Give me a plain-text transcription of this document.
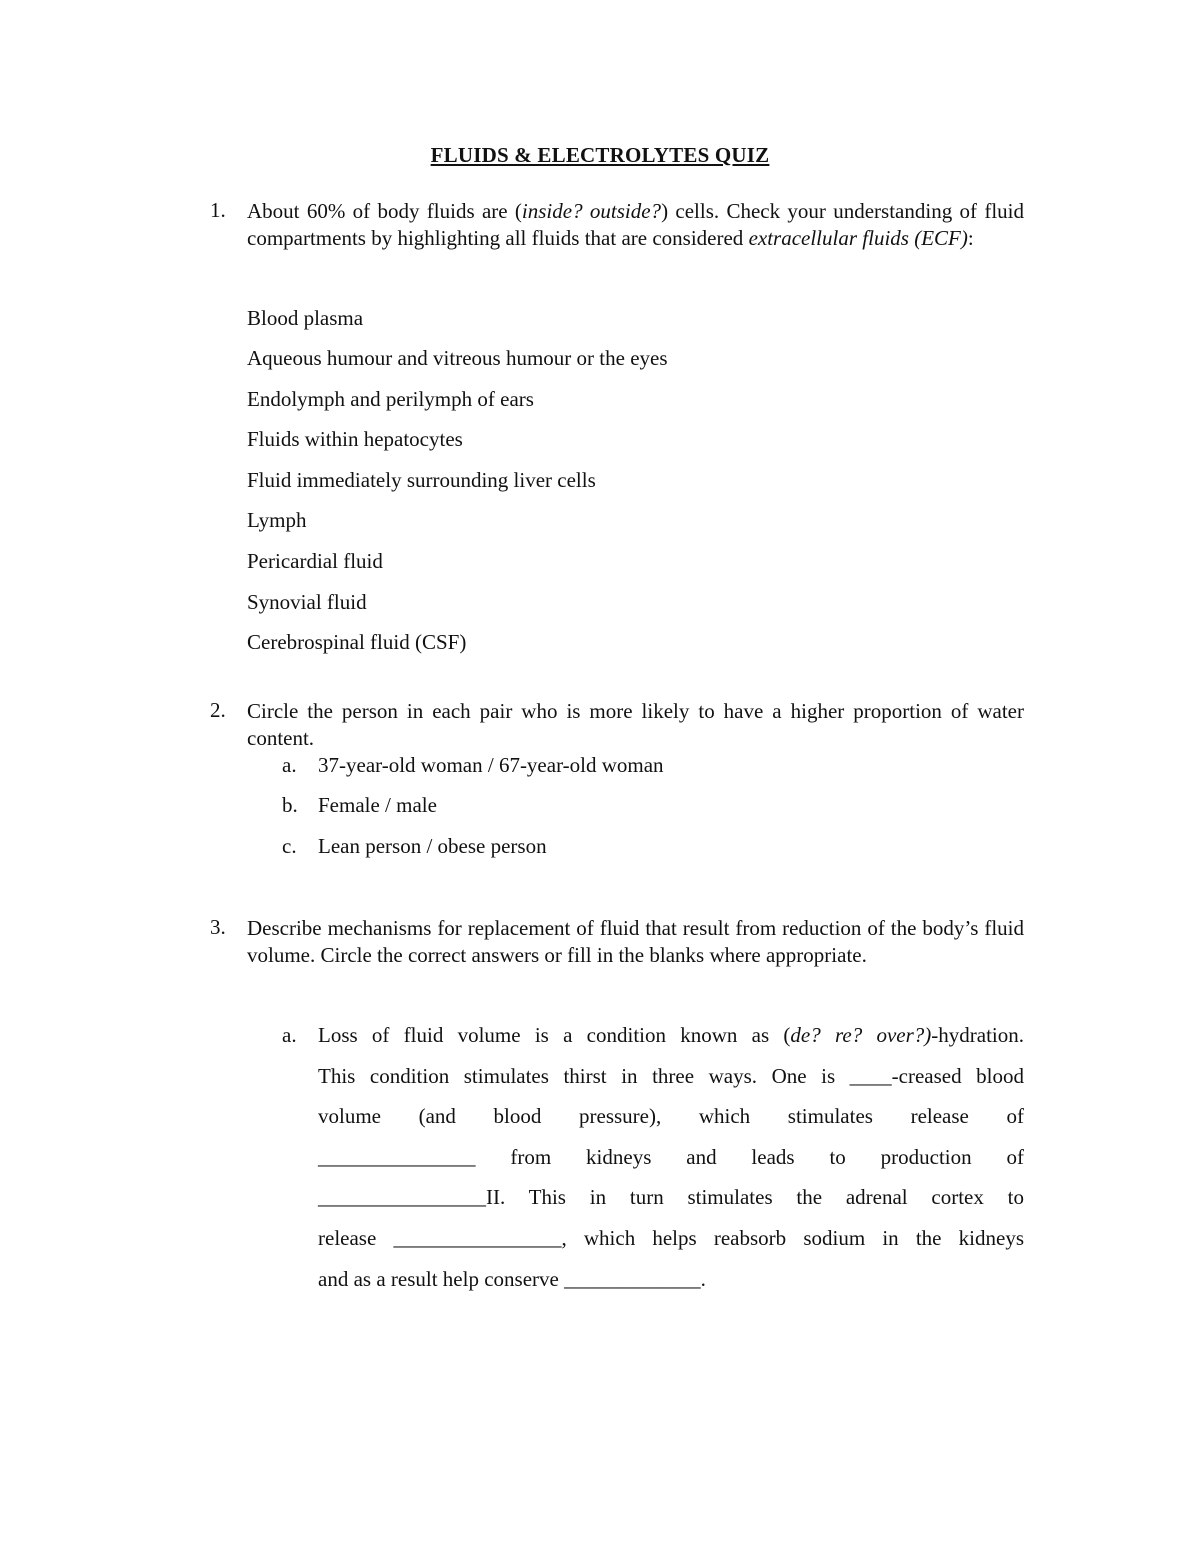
FLUIDS & ELECTROLYTES QUIZ
1. About 60% of body fluids are (inside? outside?) cells. Check your understanding of fluid compartments by highlighting all fluids that are considered extracellular fluids (ECF):
Blood plasma
Aqueous humour and vitreous humour or the eyes
Endolymph and perilymph of ears
Fluids within hepatocytes
Fluid immediately surrounding liver cells
Lymph
Pericardial fluid
Synovial fluid
Cerebrospinal fluid (CSF)
2. Circle the person in each pair who is more likely to have a higher proportion of water content.
a. 37-year-old woman / 67-year-old woman
b. Female / male
c. Lean person / obese person
3. Describe mechanisms for replacement of fluid that result from reduction of the body’s fluid volume. Circle the correct answers or fill in the blanks where appropriate.
a. Loss of fluid volume is a condition known as (de? re? over?)-hydration.
This condition stimulates thirst in three ways. One is ____-creased blood
volume (and blood pressure), which stimulates release of
_______________ from kidneys and leads to production of
________________II. This in turn stimulates the adrenal cortex to
release ________________, which helps reabsorb sodium in the kidneys
and as a result help conserve _____________.
